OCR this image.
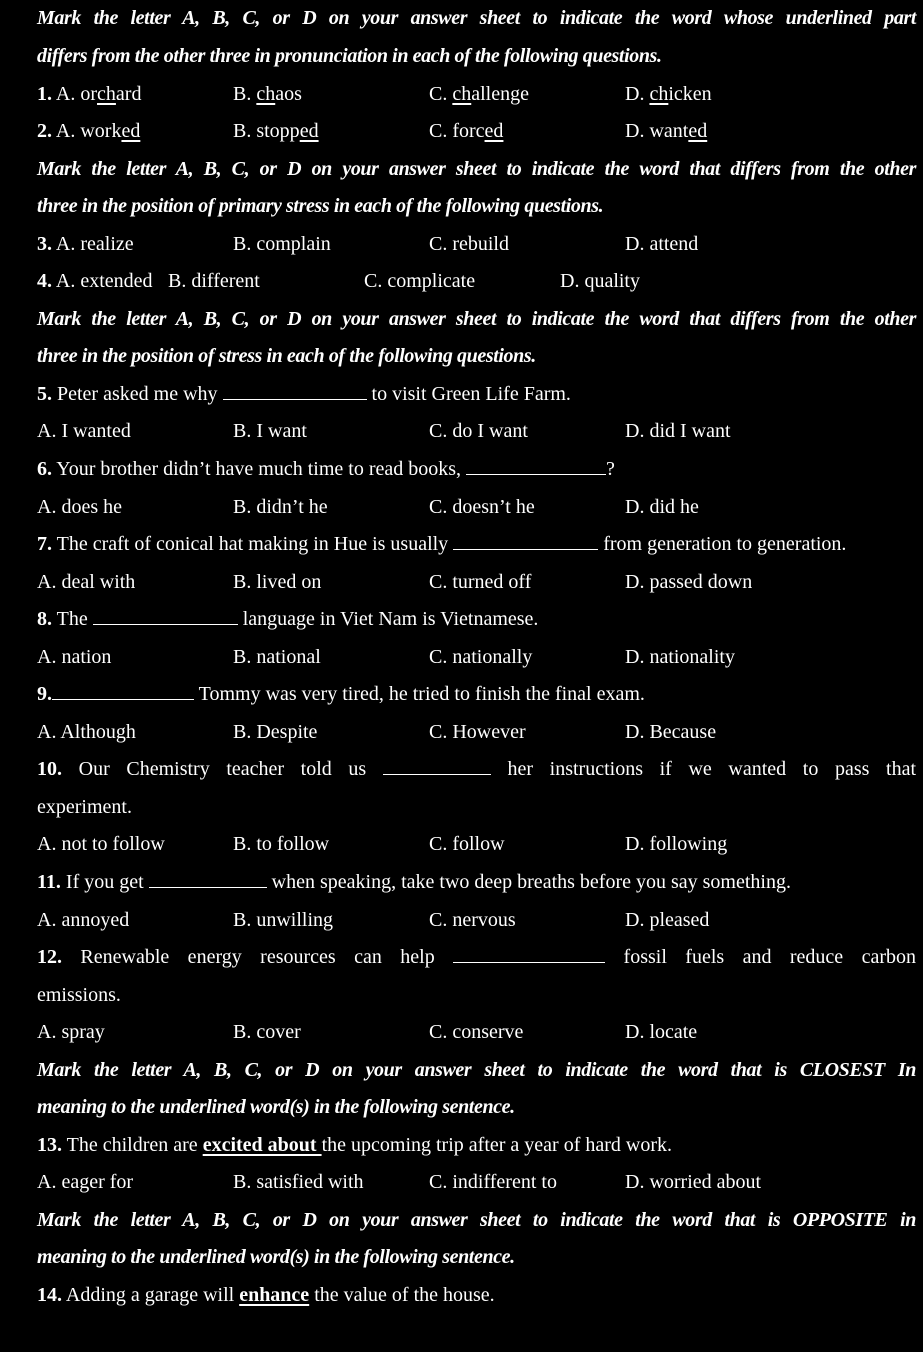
Mark the letter A, B, C, or D on your answer sheet to indicate the word whose underlined part
differs from the other three in pronunciation in each of the following questions.
1. A. orchard	B. chaos	C. challenge	D. chicken
2. A. worked	B. stopped	C. forced	D. wanted
Mark the letter A, B, C, or D on your answer sheet to indicate the word that differs from the other
three in the position of primary stress in each of the following questions.
3. A. realize	B. complain	C. rebuild	D. attend
4. A. extended B. different	C. complicate	D. quality
Mark the letter A, B, C, or D on your answer sheet to indicate the word that differs from the other
three in the position of stress in each of the following questions.
5. Peter asked me why	to visit Green Life Farm.
A. I wanted	B. I want	C. do I want	D. did I want
6. Your brother didn’t have much time to read books,	?
A. does he	B. didn’t he	C. doesn’t he	D. did he
7. The craft of conical hat making in Hue is usually	from generation to generation.
A. deal with	B. lived on	C. turned off	D. passed down
8. The	language in Viet Nam is Vietnamese.
A. nation	B. national	C. nationally	D. nationality
9.	Tommy was very tired, he tried to finish the final exam.
A. Although	B. Despite	C. However	D. Because
10. Our Chemistry teacher told us	her instructions if we wanted to pass that
experiment.
A. not to follow	B. to follow	C. follow	D. following
11. If you get	when speaking, take two deep breaths before you say something.
A. annoyed	B. unwilling	C. nervous	D. pleased
12. Renewable energy resources can help	fossil fuels and reduce carbon
emissions.
A. spray	B. cover	C. conserve	D. locate
Mark the letter A, B, C, or D on your answer sheet to indicate the word that is CLOSEST In
meaning to the underlined word(s) in the following sentence.
13. The children are excited about the upcoming trip after a year of hard work.
A. eager for	B. satisfied with	C. indifferent to	D. worried about
Mark the letter A, B, C, or D on your answer sheet to indicate the word that is OPPOSITE in
meaning to the underlined word(s) in the following sentence.
14. Adding a garage will enhance the value of the house.
